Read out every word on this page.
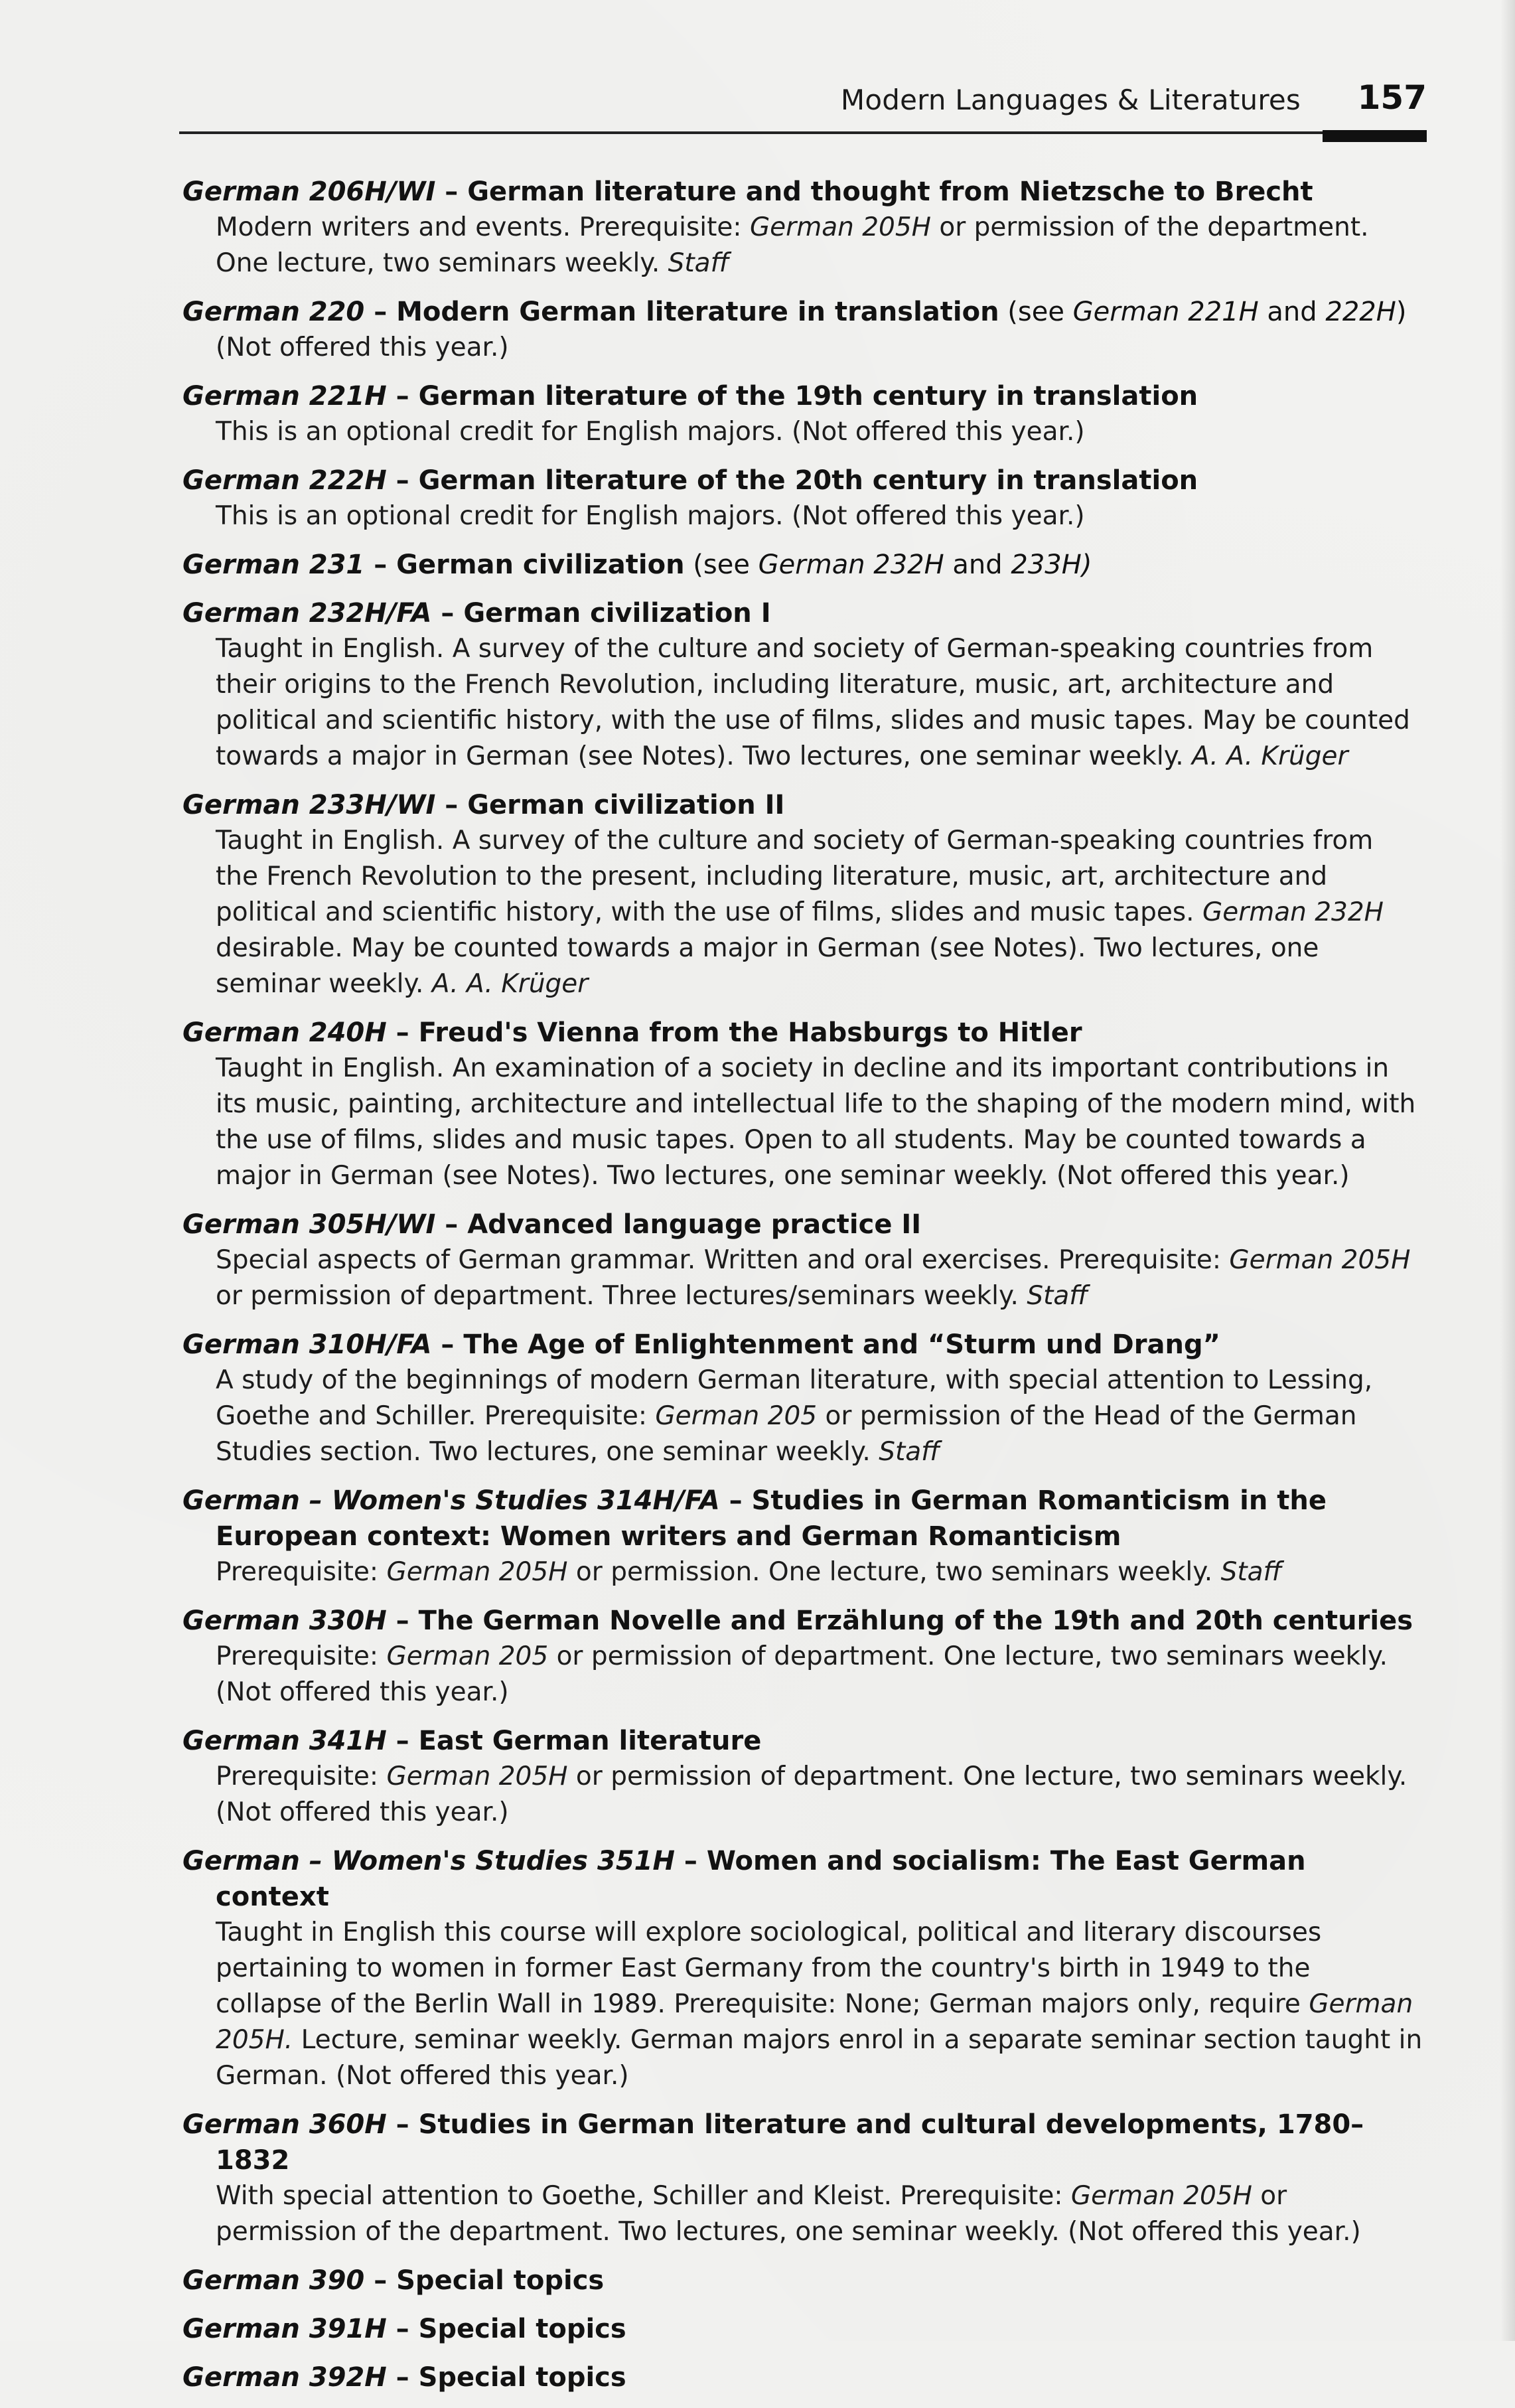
Modern Languages & Literatures 157
German 206H/WI – German literature and thought from Nietzsche to Brecht
Modern writers and events. Prerequisite: German 205H or permission of the department. One lecture, two seminars weekly. Staff
German 220 – Modern German literature in translation (see German 221H and 222H)
(Not offered this year.)
German 221H – German literature of the 19th century in translation
This is an optional credit for English majors. (Not offered this year.)
German 222H – German literature of the 20th century in translation
This is an optional credit for English majors. (Not offered this year.)
German 231 – German civilization (see German 232H and 233H)
German 232H/FA – German civilization I
Taught in English. A survey of the culture and society of German-speaking countries from their origins to the French Revolution, including literature, music, art, architecture and political and scientific history, with the use of films, slides and music tapes. May be counted towards a major in German (see Notes). Two lectures, one seminar weekly. A. A. Krüger
German 233H/WI – German civilization II
Taught in English. A survey of the culture and society of German-speaking countries from the French Revolution to the present, including literature, music, art, architecture and political and scientific history, with the use of films, slides and music tapes. German 232H desirable. May be counted towards a major in German (see Notes). Two lectures, one seminar weekly. A. A. Krüger
German 240H – Freud's Vienna from the Habsburgs to Hitler
Taught in English. An examination of a society in decline and its important contributions in its music, painting, architecture and intellectual life to the shaping of the modern mind, with the use of films, slides and music tapes. Open to all students. May be counted towards a major in German (see Notes). Two lectures, one seminar weekly. (Not offered this year.)
German 305H/WI – Advanced language practice II
Special aspects of German grammar. Written and oral exercises. Prerequisite: German 205H or permission of department. Three lectures/seminars weekly. Staff
German 310H/FA – The Age of Enlightenment and “Sturm und Drang”
A study of the beginnings of modern German literature, with special attention to Lessing, Goethe and Schiller. Prerequisite: German 205 or permission of the Head of the German Studies section. Two lectures, one seminar weekly. Staff
German – Women's Studies 314H/FA – Studies in German Romanticism in the European context: Women writers and German Romanticism
Prerequisite: German 205H or permission. One lecture, two seminars weekly. Staff
German 330H – The German Novelle and Erzählung of the 19th and 20th centuries
Prerequisite: German 205 or permission of department. One lecture, two seminars weekly. (Not offered this year.)
German 341H – East German literature
Prerequisite: German 205H or permission of department. One lecture, two seminars weekly. (Not offered this year.)
German – Women's Studies 351H – Women and socialism: The East German context
Taught in English this course will explore sociological, political and literary discourses pertaining to women in former East Germany from the country's birth in 1949 to the collapse of the Berlin Wall in 1989. Prerequisite: None; German majors only, require German 205H. Lecture, seminar weekly. German majors enrol in a separate seminar section taught in German. (Not offered this year.)
German 360H – Studies in German literature and cultural developments, 1780–1832
With special attention to Goethe, Schiller and Kleist. Prerequisite: German 205H or permission of the department. Two lectures, one seminar weekly. (Not offered this year.)
German 390 – Special topics
German 391H – Special topics
German 392H – Special topics
